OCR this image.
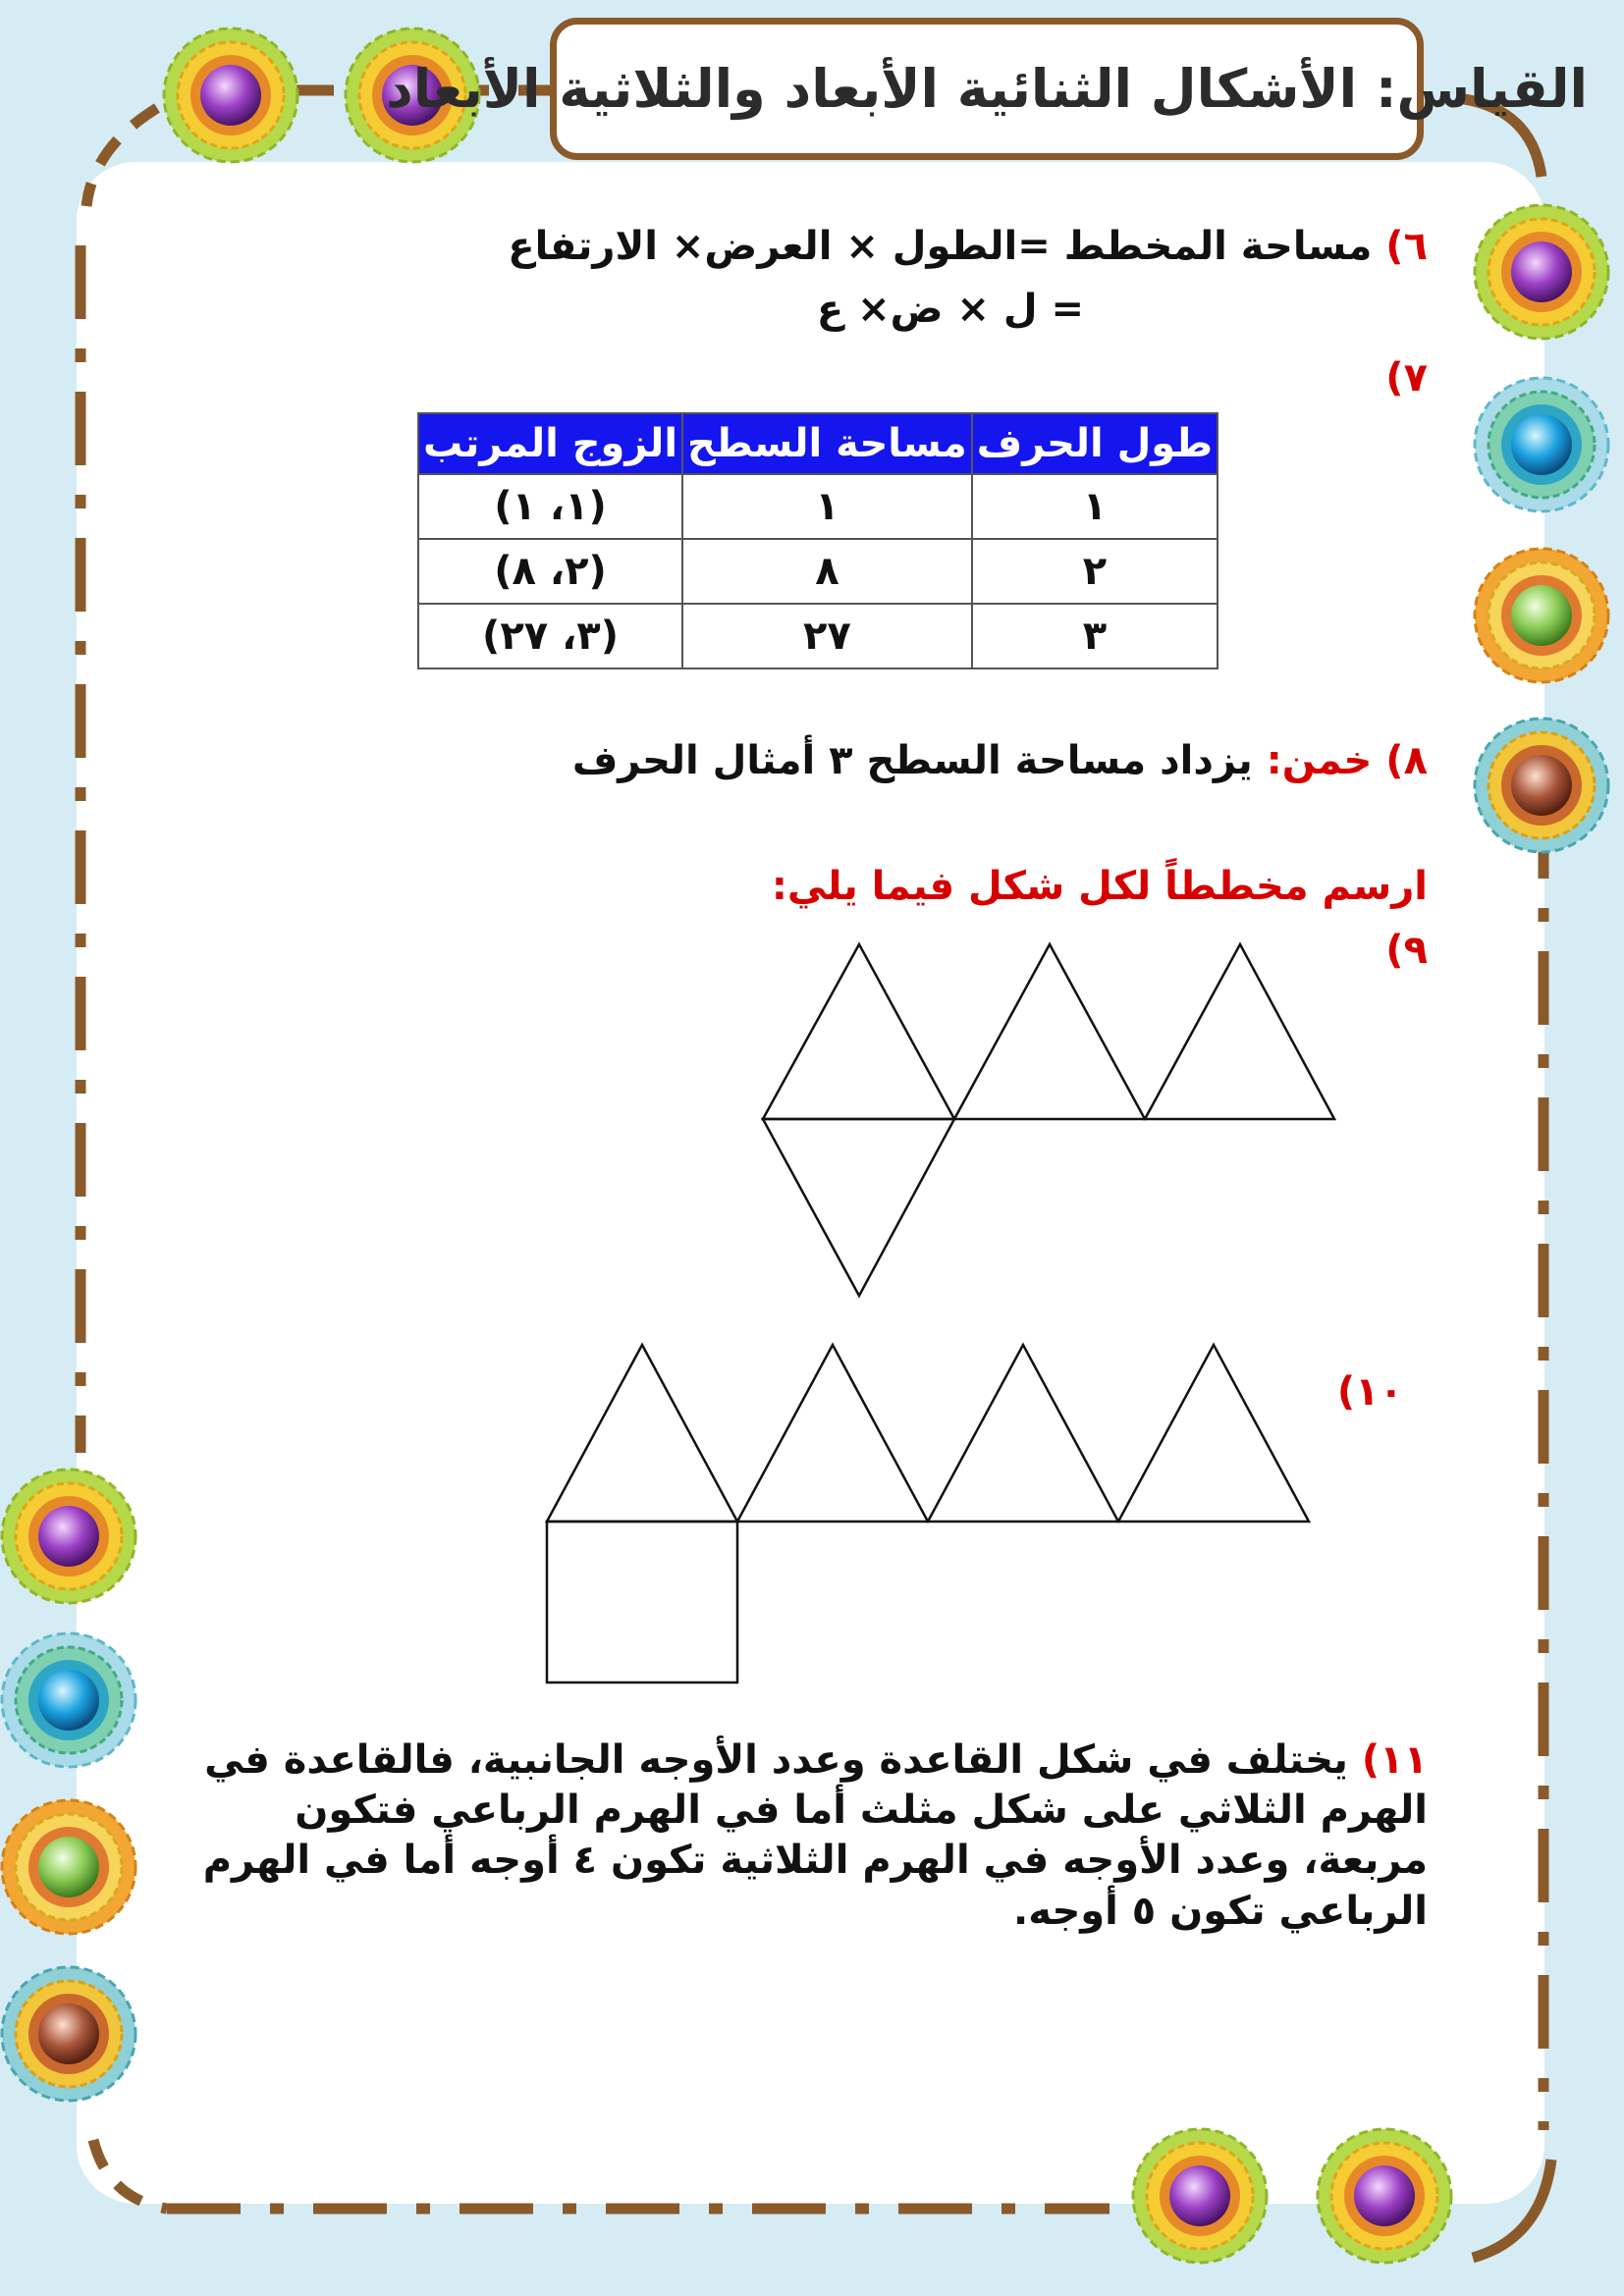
القياس: الأشكال الثنائية الأبعاد والثلاثية الأبعاد
٦) مساحة المخطط =الطول × العرض× الارتفاع
= ل × ض× ع
٧)
طول الحرف	مساحة السطح	الزوج المرتب
١	١	(١، ١)
٢	٨	(٢، ٨)
٣	٢٧	(٣، ٢٧)
٨) خمن: يزداد مساحة السطح ٣ أمثال الحرف
ارسم مخططاً لكل شكل فيما يلي:
٩)
١٠)
١١) يختلف في شكل القاعدة وعدد الأوجه الجانبية، فالقاعدة في الهرم الثلاثي على شكل مثلث أما في الهرم الرباعي فتكون مربعة، وعدد الأوجه في الهرم الثلاثية تكون ٤ أوجه أما في الهرم الرباعي تكون ٥ أوجه.
